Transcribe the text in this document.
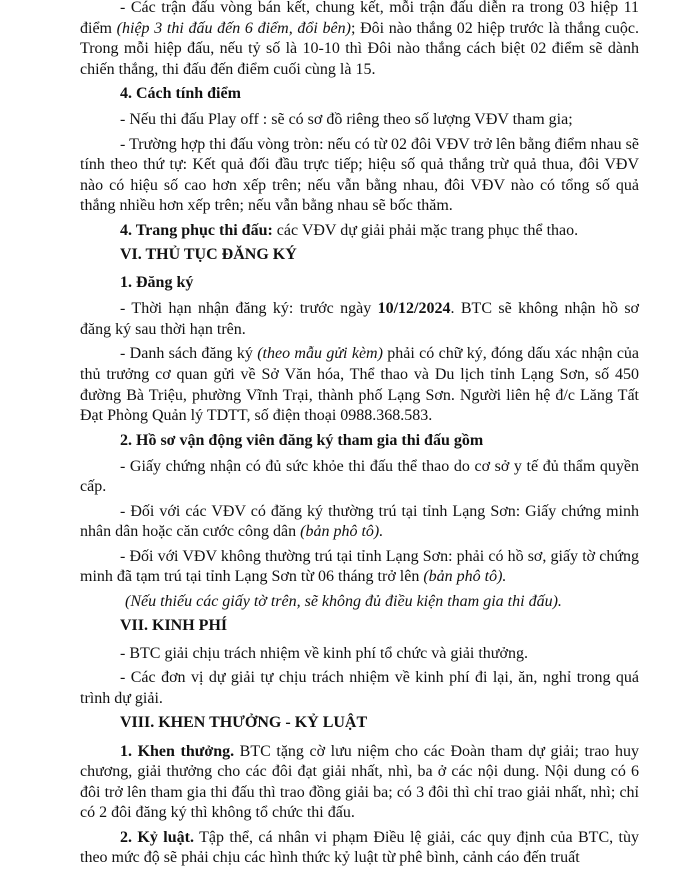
- Các trận đấu vòng bán kết, chung kết, mỗi trận đấu diễn ra trong 03 hiệp 11 điểm (hiệp 3 thi đấu đến 6 điểm, đổi bên); Đôi nào thắng 02 hiệp trước là thắng cuộc. Trong mỗi hiệp đấu, nếu tỷ số là 10-10 thì Đôi nào thắng cách biệt 02 điểm sẽ dành chiến thắng, thi đấu đến điểm cuối cùng là 15.

4. Cách tính điểm

- Nếu thi đấu Play off : sẽ có sơ đồ riêng theo số lượng VĐV tham gia;

- Trường hợp thi đấu vòng tròn: nếu có từ 02 đôi VĐV trở lên bằng điểm nhau sẽ tính theo thứ tự: Kết quả đối đầu trực tiếp; hiệu số quả thắng trừ quả thua, đôi VĐV nào có hiệu số cao hơn xếp trên; nếu vẫn bằng nhau, đôi VĐV nào có tổng số quả thắng nhiều hơn xếp trên; nếu vẫn bằng nhau sẽ bốc thăm.

4. Trang phục thi đấu: các VĐV dự giải phải mặc trang phục thể thao.

VI. THỦ TỤC ĐĂNG KÝ

1. Đăng ký

- Thời hạn nhận đăng ký: trước ngày 10/12/2024. BTC sẽ không nhận hồ sơ đăng ký sau thời hạn trên.

- Danh sách đăng ký (theo mẫu gửi kèm) phải có chữ ký, đóng dấu xác nhận của thủ trưởng cơ quan gửi về Sở Văn hóa, Thể thao và Du lịch tỉnh Lạng Sơn, số 450 đường Bà Triệu, phường Vĩnh Trại, thành phố Lạng Sơn. Người liên hệ đ/c Lăng Tất Đạt Phòng Quản lý TDTT, số điện thoại 0988.368.583.

2. Hồ sơ vận động viên đăng ký tham gia thi đấu gồm

- Giấy chứng nhận có đủ sức khỏe thi đấu thể thao do cơ sở y tế đủ thẩm quyền cấp.

- Đối với các VĐV có đăng ký thường trú tại tỉnh Lạng Sơn: Giấy chứng minh nhân dân hoặc căn cước công dân (bản phô tô).

- Đối với VĐV không thường trú tại tỉnh Lạng Sơn: phải có hồ sơ, giấy tờ chứng minh đã tạm trú tại tỉnh Lạng Sơn từ 06 tháng trở lên (bản phô tô).

(Nếu thiếu các giấy tờ trên, sẽ không đủ điều kiện tham gia thi đấu).

VII. KINH PHÍ

- BTC giải chịu trách nhiệm về kinh phí tổ chức và giải thưởng.

- Các đơn vị dự giải tự chịu trách nhiệm về kinh phí đi lại, ăn, nghỉ trong quá trình dự giải.

VIII. KHEN THƯỞNG - KỶ LUẬT

1. Khen thưởng. BTC tặng cờ lưu niệm cho các Đoàn tham dự giải; trao huy chương, giải thưởng cho các đôi đạt giải nhất, nhì, ba ở các nội dung. Nội dung có 6 đôi trở lên tham gia thi đấu thì trao đồng giải ba; có 3 đôi thì chỉ trao giải nhất, nhì; chỉ có 2 đôi đăng ký thì không tổ chức thi đấu.

2. Kỷ luật. Tập thể, cá nhân vi phạm Điều lệ giải, các quy định của BTC, tùy theo mức độ sẽ phải chịu các hình thức kỷ luật từ phê bình, cảnh cáo đến truất
